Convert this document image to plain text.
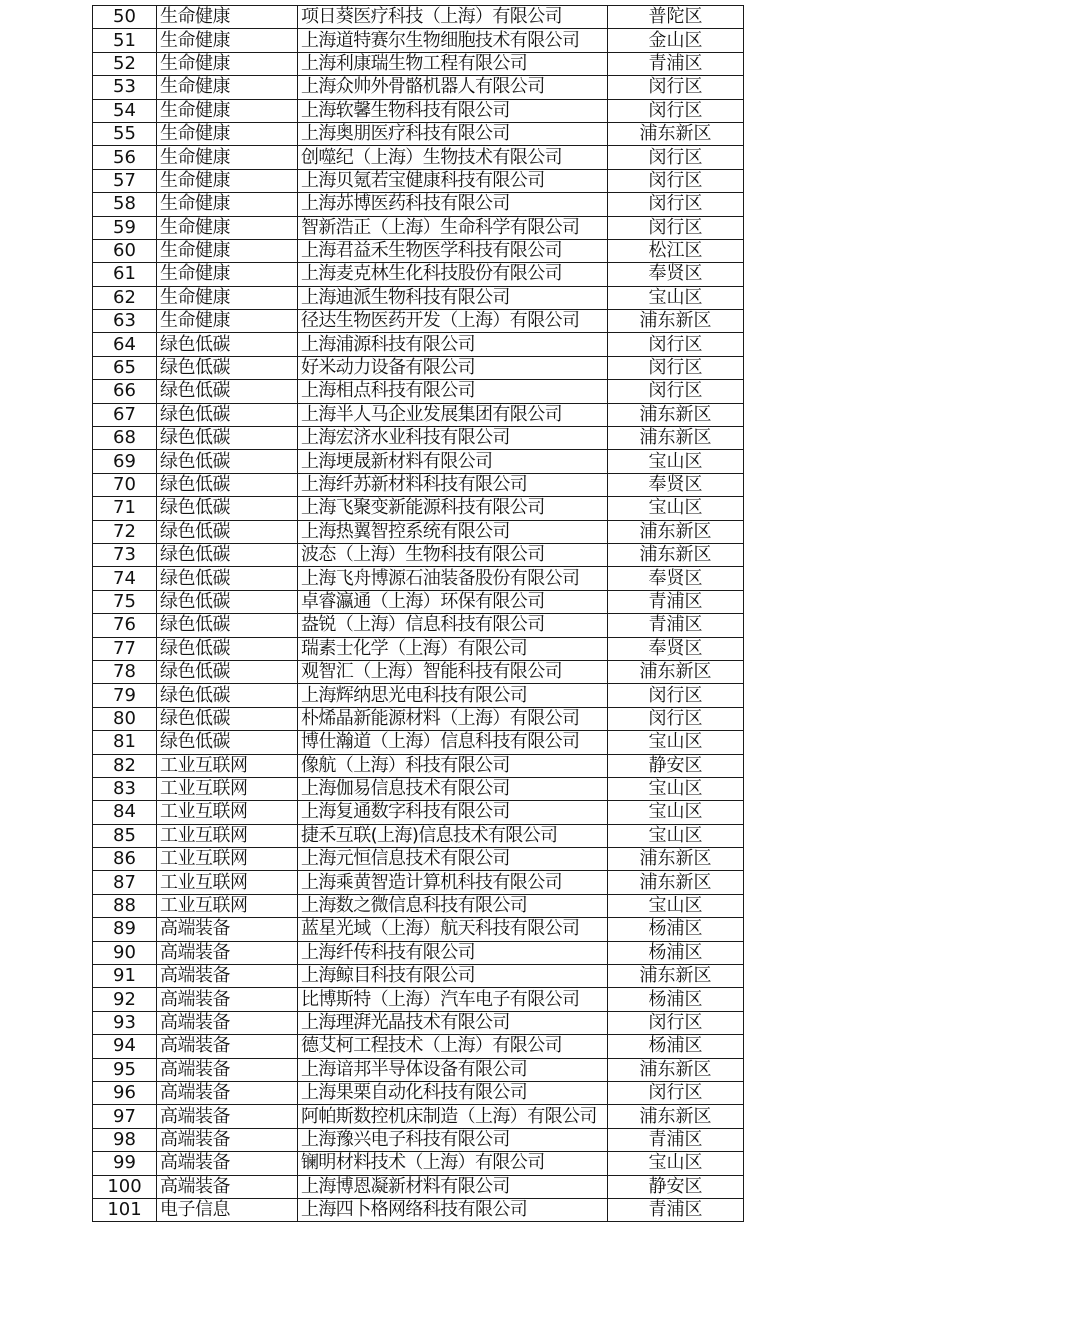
50	生命健康	项日葵医疗科技（上海）有限公司	普陀区
51	生命健康	上海道特赛尔生物细胞技术有限公司	金山区
52	生命健康	上海利康瑞生物工程有限公司	青浦区
53	生命健康	上海众帅外骨骼机器人有限公司	闵行区
54	生命健康	上海软馨生物科技有限公司	闵行区
55	生命健康	上海奥朋医疗科技有限公司	浦东新区
56	生命健康	创噬纪（上海）生物技术有限公司	闵行区
57	生命健康	上海贝氪若宝健康科技有限公司	闵行区
58	生命健康	上海苏博医药科技有限公司	闵行区
59	生命健康	智新浩正（上海）生命科学有限公司	闵行区
60	生命健康	上海君益禾生物医学科技有限公司	松江区
61	生命健康	上海麦克林生化科技股份有限公司	奉贤区
62	生命健康	上海迪派生物科技有限公司	宝山区
63	生命健康	径达生物医药开发（上海）有限公司	浦东新区
64	绿色低碳	上海浦源科技有限公司	闵行区
65	绿色低碳	好米动力设备有限公司	闵行区
66	绿色低碳	上海相点科技有限公司	闵行区
67	绿色低碳	上海半人马企业发展集团有限公司	浦东新区
68	绿色低碳	上海宏济水业科技有限公司	浦东新区
69	绿色低碳	上海埂晟新材料有限公司	宝山区
70	绿色低碳	上海纤苏新材料科技有限公司	奉贤区
71	绿色低碳	上海飞聚变新能源科技有限公司	宝山区
72	绿色低碳	上海热翼智控系统有限公司	浦东新区
73	绿色低碳	波态（上海）生物科技有限公司	浦东新区
74	绿色低碳	上海飞舟博源石油装备股份有限公司	奉贤区
75	绿色低碳	卓睿瀛通（上海）环保有限公司	青浦区
76	绿色低碳	盎锐（上海）信息科技有限公司	青浦区
77	绿色低碳	瑞素士化学（上海）有限公司	奉贤区
78	绿色低碳	观智汇（上海）智能科技有限公司	浦东新区
79	绿色低碳	上海辉纳思光电科技有限公司	闵行区
80	绿色低碳	朴烯晶新能源材料（上海）有限公司	闵行区
81	绿色低碳	博仕瀚道（上海）信息科技有限公司	宝山区
82	工业互联网	像航（上海）科技有限公司	静安区
83	工业互联网	上海伽易信息技术有限公司	宝山区
84	工业互联网	上海复通数字科技有限公司	宝山区
85	工业互联网	捷禾互联(上海)信息技术有限公司	宝山区
86	工业互联网	上海元恒信息技术有限公司	浦东新区
87	工业互联网	上海乘黄智造计算机科技有限公司	浦东新区
88	工业互联网	上海数之微信息科技有限公司	宝山区
89	高端装备	蓝星光域（上海）航天科技有限公司	杨浦区
90	高端装备	上海纤传科技有限公司	杨浦区
91	高端装备	上海鲸目科技有限公司	浦东新区
92	高端装备	比博斯特（上海）汽车电子有限公司	杨浦区
93	高端装备	上海理湃光晶技术有限公司	闵行区
94	高端装备	德艾柯工程技术（上海）有限公司	杨浦区
95	高端装备	上海谙邦半导体设备有限公司	浦东新区
96	高端装备	上海果栗自动化科技有限公司	闵行区
97	高端装备	阿帕斯数控机床制造（上海）有限公司	浦东新区
98	高端装备	上海豫兴电子科技有限公司	青浦区
99	高端装备	镧明材料技术（上海）有限公司	宝山区
100	高端装备	上海博恩凝新材料有限公司	静安区
101	电子信息	上海四卜格网络科技有限公司	青浦区
